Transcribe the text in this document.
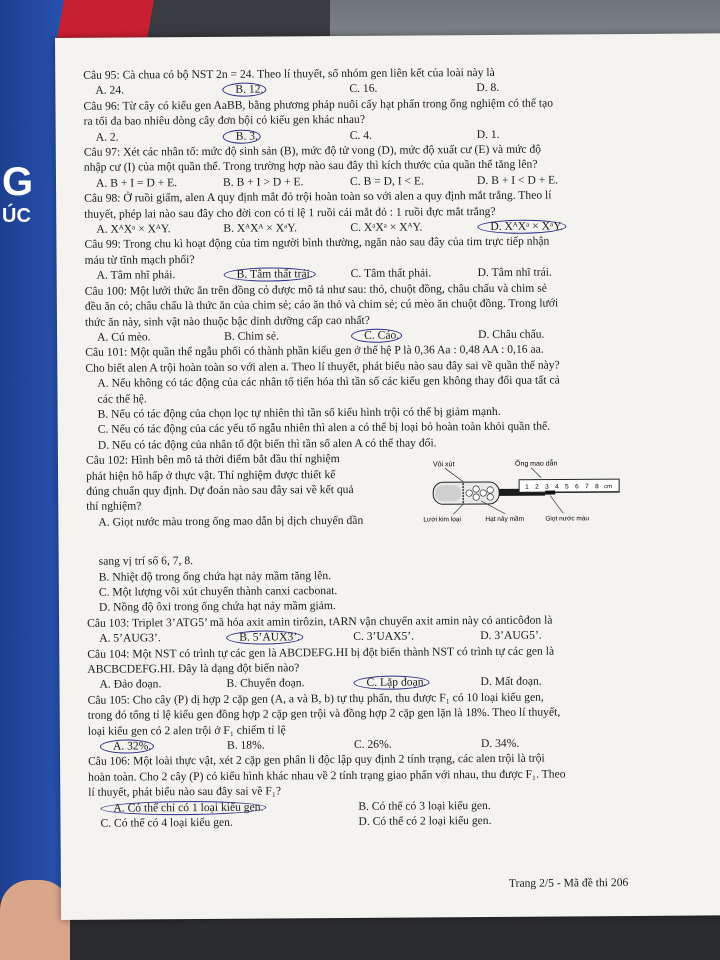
G
ÚC

Câu 95: Cà chua có bộ NST 2n = 24. Theo lí thuyết, số nhóm gen liên kết của loài này là

A. 24.	B. 12.	C. 16.	D. 8.

Câu 96: Từ cây có kiểu gen AaBB, bằng phương pháp nuôi cấy hạt phấn trong ống nghiệm có thể tạo

ra tối đa bao nhiêu dòng cây đơn bội có kiểu gen khác nhau?

A. 2.	B. 3.	C. 4.	D. 1.

Câu 97: Xét các nhân tố: mức độ sinh sản (B), mức độ tử vong (D), mức độ xuất cư (E) và mức độ

nhập cư (I) của một quần thể. Trong trường hợp nào sau đây thì kích thước của quần thể tăng lên?

A. B + I = D + E.	B. B + I > D + E.	C. B = D, I < E.	D. B + I < D + E.

Câu 98: Ở ruồi giấm, alen A quy định mắt đỏ trội hoàn toàn so với alen a quy định mắt trắng. Theo lí

thuyết, phép lai nào sau đây cho đời con có tỉ lệ 1 ruồi cái mắt đỏ : 1 ruồi đực mắt trắng?

A. XᴬXᵃ × XᴬY.	B. XᴬXᴬ × XᵃY.	C. XᵃXᵃ × XᴬY.	D. XᴬXᵃ × XᵃY.

Câu 99: Trong chu kì hoạt động của tim người bình thường, ngăn nào sau đây của tim trực tiếp nhận

máu từ tĩnh mạch phổi?

A. Tâm nhĩ phải.	B. Tâm thất trái.	C. Tâm thất phải.	D. Tâm nhĩ trái.

Câu 100: Một lưới thức ăn trên đồng cỏ được mô tả như sau: thỏ, chuột đồng, châu chấu và chim sẻ

đều ăn cỏ; châu chấu là thức ăn của chim sẻ; cáo ăn thỏ và chim sẻ; cú mèo ăn chuột đồng. Trong lưới

thức ăn này, sinh vật nào thuộc bậc dinh dưỡng cấp cao nhất?

A. Cú mèo.	B. Chim sẻ.	C. Cáo.	D. Châu chấu.

Câu 101: Một quần thể ngẫu phối có thành phần kiểu gen ở thế hệ P là 0,36 Aa : 0,48 AA : 0,16 aa.

Cho biết alen A trội hoàn toàn so với alen a. Theo lí thuyết, phát biểu nào sau đây sai về quần thể này?

A. Nếu không có tác động của các nhân tố tiến hóa thì tần số các kiểu gen không thay đổi qua tất cả

các thế hệ.

B. Nếu có tác động của chọn lọc tự nhiên thì tần số kiểu hình trội có thể bị giảm mạnh.

C. Nếu có tác động của các yếu tố ngẫu nhiên thì alen a có thể bị loại bỏ hoàn toàn khỏi quần thể.

D. Nếu có tác động của nhân tố đột biến thì tần số alen A có thể thay đổi.

Câu 102: Hình bên mô tả thời điểm bắt đầu thí nghiệm

phát hiện hô hấp ở thực vật. Thí nghiệm được thiết kế

đúng chuẩn quy định. Dự đoán nào sau đây sai về kết quả

thí nghiệm?

A. Giọt nước màu trong ống mao dẫn bị dịch chuyển dần

Vôi xút	Ống mao dẫn
1 2 3 4 5 6 7 8 cm
Lưới kim loại	Hạt nảy mầm	Giọt nước màu

sang vị trí số 6, 7, 8.

B. Nhiệt độ trong ống chứa hạt nảy mầm tăng lên.

C. Một lượng vôi xút chuyển thành canxi cacbonat.

D. Nồng độ ôxi trong ống chứa hạt nảy mầm giảm.

Câu 103: Triplet 3’ATG5’ mã hóa axit amin tirôzin, tARN vận chuyển axit amin này có anticôđon là

A. 5’AUG3’.	B. 5’AUX3’.	C. 3’UAX5’.	D. 3’AUG5’.

Câu 104: Một NST có trình tự các gen là ABCDEFG.HI bị đột biến thành NST có trình tự các gen là

ABCBCDEFG.HI. Đây là dạng đột biến nào?

A. Đảo đoạn.	B. Chuyển đoạn.	C. Lặp đoạn.	D. Mất đoạn.

Câu 105: Cho cây (P) dị hợp 2 cặp gen (A, a và B, b) tự thụ phấn, thu được F₁ có 10 loại kiểu gen,

trong đó tổng tỉ lệ kiểu gen đồng hợp 2 cặp gen trội và đồng hợp 2 cặp gen lặn là 18%. Theo lí thuyết,

loại kiểu gen có 2 alen trội ở F₁ chiếm tỉ lệ

A. 32%.	B. 18%.	C. 26%.	D. 34%.

Câu 106: Một loài thực vật, xét 2 cặp gen phân li độc lập quy định 2 tính trạng, các alen trội là trội

hoàn toàn. Cho 2 cây (P) có kiểu hình khác nhau về 2 tính trạng giao phấn với nhau, thu được F₁. Theo

lí thuyết, phát biểu nào sau đây sai về F₁?

A. Có thể chỉ có 1 loại kiểu gen.	B. Có thể có 3 loại kiểu gen.
C. Có thể có 4 loại kiểu gen.	D. Có thể có 2 loại kiểu gen.
Trang 2/5 - Mã đề thi 206
